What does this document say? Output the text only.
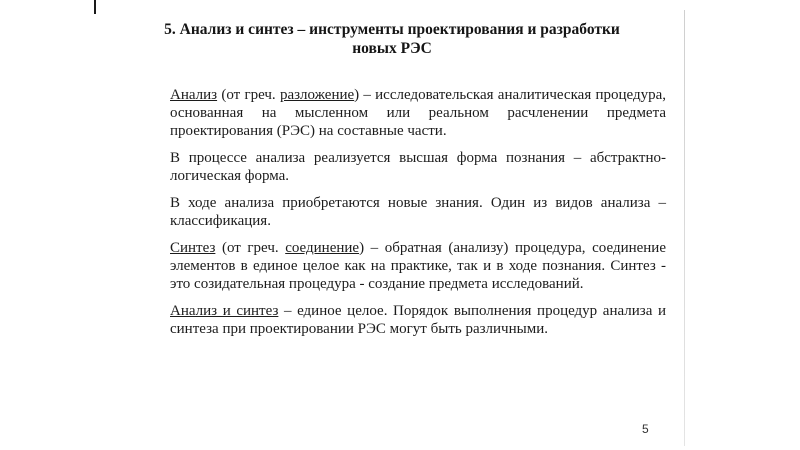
5. Анализ и синтез – инструменты проектирования и разработки
новых РЭС

Анализ (от греч. разложение) – исследовательская аналитическая процедура, основанная на мысленном или реальном расчленении предмета проектирования (РЭС) на составные части.

В процессе анализа реализуется высшая форма познания – абстрактно-логическая форма.

В ходе анализа приобретаются новые знания. Один из видов анализа – классификация.

Синтез (от греч. соединение) – обратная (анализу) процедура, соединение элементов в единое целое как на практике, так и в ходе познания. Синтез - это созидательная процедура - создание предмета исследований.

Анализ и синтез – единое целое. Порядок выполнения процедур анализа и синтеза при проектировании РЭС могут быть различными.

5
